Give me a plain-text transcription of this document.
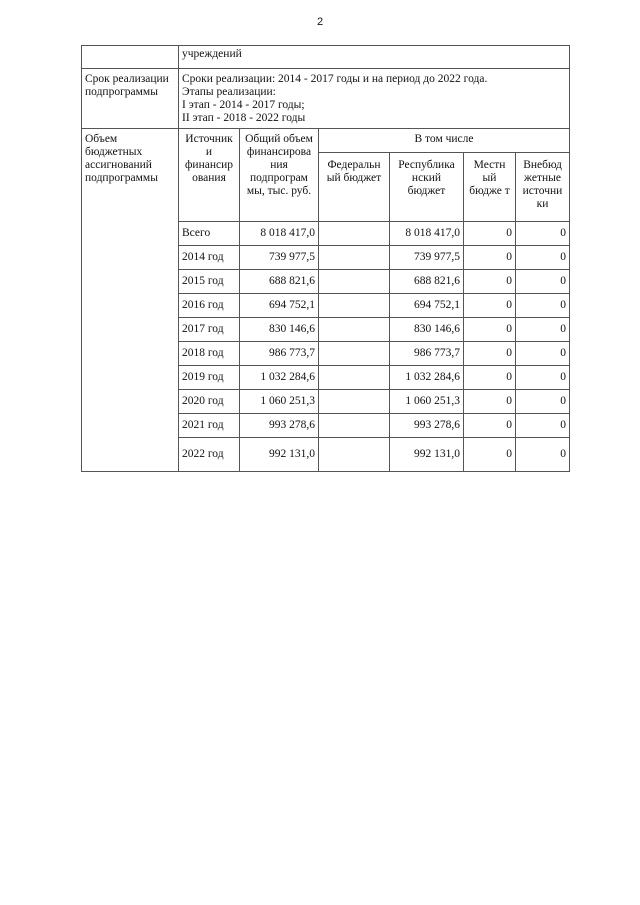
2
	учреждений					
Срок реализации подпрограммы	Сроки реализации: 2014 - 2017 годы и на период до 2022 года.
Этапы реализации:
I этап - 2014 - 2017 годы;
II этап - 2018 - 2022 годы					

Объем бюджетных ассигнований подпрограммы	Источник и финансир ования	Общий объем финансирова ния подпрограм мы, тыс. руб.	В том числе			
			Федеральн ый бюджет	Республика нский бюджет	Местн ый бюдже т	Внебюд жетные источни ки
	Всего	8 018 417,0		8 018 417,0	0	0
	2014 год	739 977,5		739 977,5	0	0
	2015 год	688 821,6		688 821,6	0	0
	2016 год	694 752,1		694 752,1	0	0
	2017 год	830 146,6		830 146,6	0	0
	2018 год	986 773,7		986 773,7	0	0
	2019 год	1 032 284,6		1 032 284,6	0	0
	2020 год	1 060 251,3		1 060 251,3	0	0
	2021 год	993 278,6		993 278,6	0	0
	2022 год	992 131,0		992 131,0	0	0
